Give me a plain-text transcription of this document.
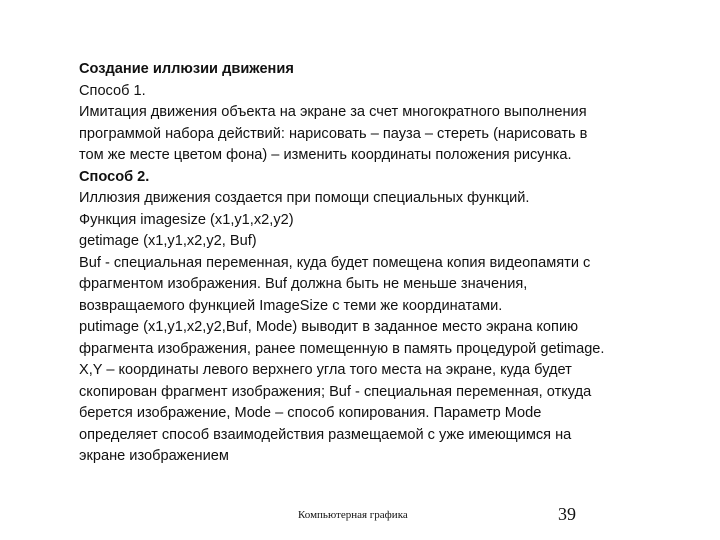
Создание иллюзии движения
Способ 1.
Имитация движения объекта на экране за счет многократного выполнения
программой набора действий: нарисовать – пауза – стереть (нарисовать в
том же месте цветом фона) – изменить координаты положения рисунка.
Способ 2.
Иллюзия движения создается при помощи специальных функций.
Функция imagesize (x1,y1,x2,y2)
getimage (x1,y1,x2,y2, Buf)
Buf - специальная переменная, куда будет помещена копия видеопамяти с
фрагментом изображения. Buf должна быть не меньше значения,
возвращаемого функцией ImageSize с теми же координатами.
putimage (x1,y1,x2,y2,Buf, Mode) выводит в заданное место экрана копию
фрагмента изображения, ранее помещенную в память процедурой getimage.
X,Y – координаты левого верхнего угла того места на экране, куда будет
скопирован фрагмент изображения; Buf - специальная переменная, откуда
берется изображение, Mode – способ копирования. Параметр Mode
определяет способ взаимодействия размещаемой с уже имеющимся на
экране изображением
Компьютерная графика	39
